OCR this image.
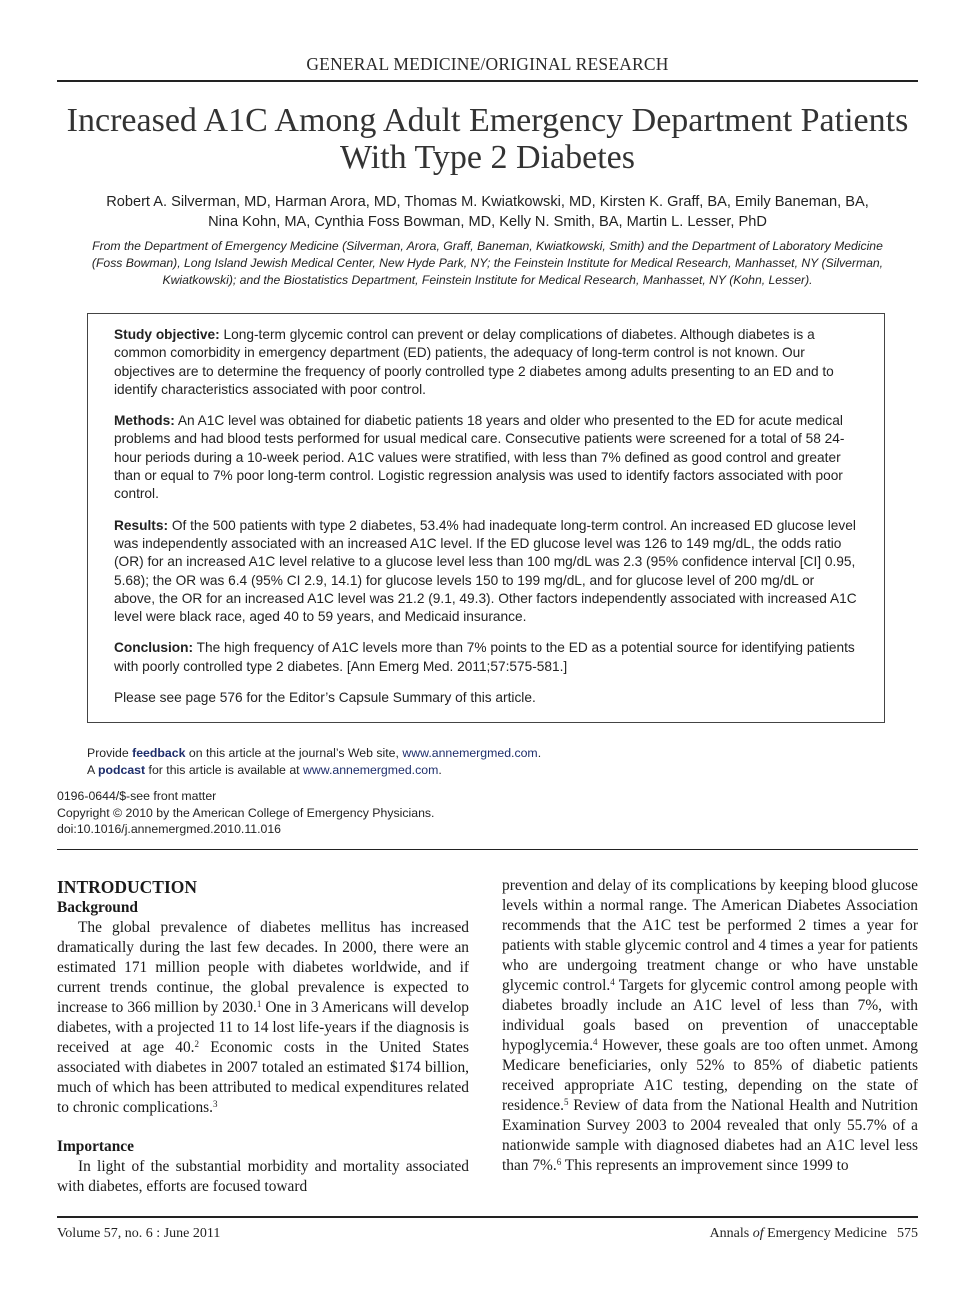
GENERAL MEDICINE/ORIGINAL RESEARCH
Increased A1C Among Adult Emergency Department Patients
With Type 2 Diabetes
Robert A. Silverman, MD, Harman Arora, MD, Thomas M. Kwiatkowski, MD, Kirsten K. Graff, BA, Emily Baneman, BA,
Nina Kohn, MA, Cynthia Foss Bowman, MD, Kelly N. Smith, BA, Martin L. Lesser, PhD
From the Department of Emergency Medicine (Silverman, Arora, Graff, Baneman, Kwiatkowski, Smith) and the Department of Laboratory Medicine
(Foss Bowman), Long Island Jewish Medical Center, New Hyde Park, NY; the Feinstein Institute for Medical Research, Manhasset, NY (Silverman,
Kwiatkowski); and the Biostatistics Department, Feinstein Institute for Medical Research, Manhasset, NY (Kohn, Lesser).

Study objective: Long-term glycemic control can prevent or delay complications of diabetes. Although diabetes is a common comorbidity in emergency department (ED) patients, the adequacy of long-term control is not known. Our objectives are to determine the frequency of poorly controlled type 2 diabetes among adults presenting to an ED and to identify characteristics associated with poor control.

Methods: An A1C level was obtained for diabetic patients 18 years and older who presented to the ED for acute medical problems and had blood tests performed for usual medical care. Consecutive patients were screened for a total of 58 24-hour periods during a 10-week period. A1C values were stratified, with less than 7% defined as good control and greater than or equal to 7% poor long-term control. Logistic regression analysis was used to identify factors associated with poor control.

Results: Of the 500 patients with type 2 diabetes, 53.4% had inadequate long-term control. An increased ED glucose level was independently associated with an increased A1C level. If the ED glucose level was 126 to 149 mg/dL, the odds ratio (OR) for an increased A1C level relative to a glucose level less than 100 mg/dL was 2.3 (95% confidence interval [CI] 0.95, 5.68); the OR was 6.4 (95% CI 2.9, 14.1) for glucose levels 150 to 199 mg/dL, and for glucose level of 200 mg/dL or above, the OR for an increased A1C level was 21.2 (9.1, 49.3). Other factors independently associated with increased A1C level were black race, aged 40 to 59 years, and Medicaid insurance.

Conclusion: The high frequency of A1C levels more than 7% points to the ED as a potential source for identifying patients with poorly controlled type 2 diabetes. [Ann Emerg Med. 2011;57:575-581.]

Please see page 576 for the Editor’s Capsule Summary of this article.

Provide feedback on this article at the journal’s Web site, www.annemergmed.com.
A podcast for this article is available at www.annemergmed.com.
0196-0644/$-see front matter
Copyright © 2010 by the American College of Emergency Physicians.
doi:10.1016/j.annemergmed.2010.11.016
INTRODUCTION
Background

The global prevalence of diabetes mellitus has increased dramatically during the last few decades. In 2000, there were an estimated 171 million people with diabetes worldwide, and if current trends continue, the global prevalence is expected to increase to 366 million by 2030.$^1$ One in 3 Americans will develop diabetes, with a projected 11 to 14 lost life-years if the diagnosis is received at age 40.$^2$ Economic costs in the United States associated with diabetes in 2007 totaled an estimated $174 billion, much of which has been attributed to medical expenditures related to chronic complications.$^3$

Importance

In light of the substantial morbidity and mortality associated with diabetes, efforts are focused toward

prevention and delay of its complications by keeping blood glucose levels within a normal range. The American Diabetes Association recommends that the A1C test be performed 2 times a year for patients with stable glycemic control and 4 times a year for patients who are undergoing treatment change or who have unstable glycemic control.$^4$ Targets for glycemic control among people with diabetes broadly include an A1C level of less than 7%, with individual goals based on prevention of unacceptable hypoglycemia.$^4$ However, these goals are too often unmet. Among Medicare beneficiaries, only 52% to 85% of diabetic patients received appropriate A1C testing, depending on the state of residence.$^5$ Review of data from the National Health and Nutrition Examination Survey 2003 to 2004 revealed that only 55.7% of a nationwide sample with diagnosed diabetes had an A1C level less than 7%.$^6$ This represents an improvement since 1999 to

Volume 57, no. 6 : June 2011	Annals of Emergency Medicine 575
